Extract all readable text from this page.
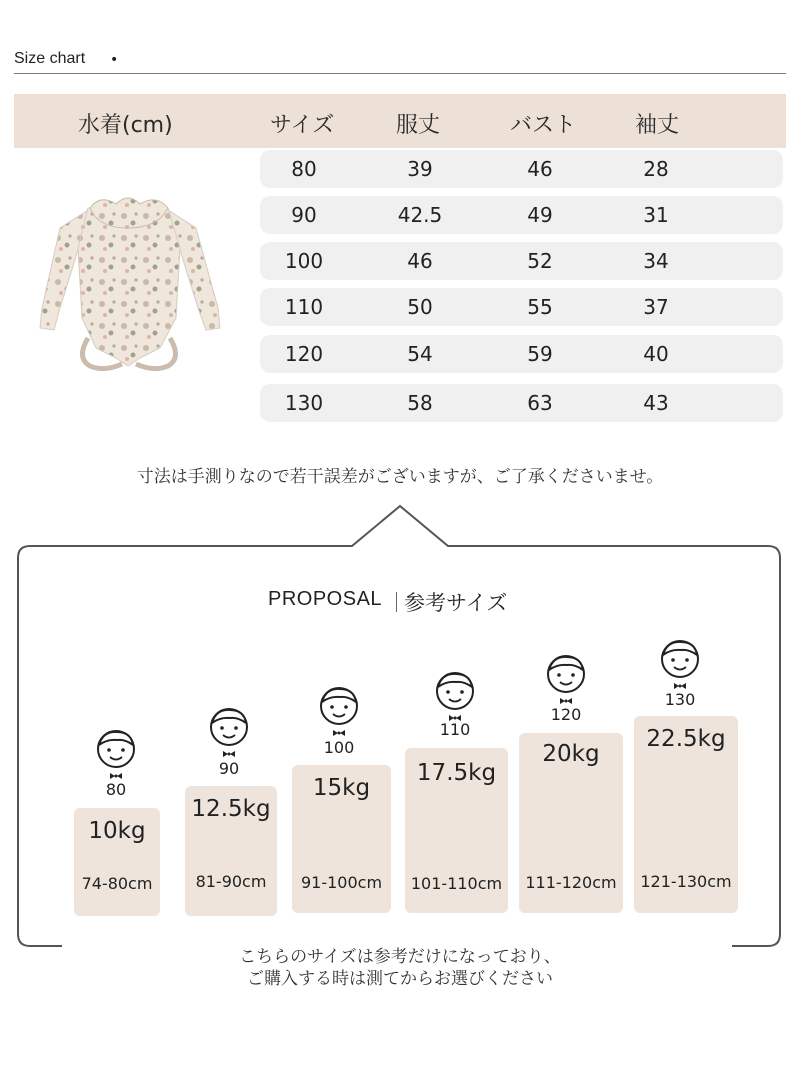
Size chart •
水着(cm)	サイズ	服丈	バスト	袖丈
80	39	46	28
90	42.5	49	31
100	46	52	34
110	50	55	37
120	54	59	40
130	58	63	43
寸法は手測りなので若干誤差がございますが、ご了承くださいませ。
PROPOSAL 参考サイズ
80
10kg
74-80cm
90
12.5kg
81-90cm
100
15kg
91-100cm
110
17.5kg
101-110cm
120
20kg
111-120cm
130
22.5kg
121-130cm
こちらのサイズは参考だけになっており、
ご購入する時は測てからお選びください
